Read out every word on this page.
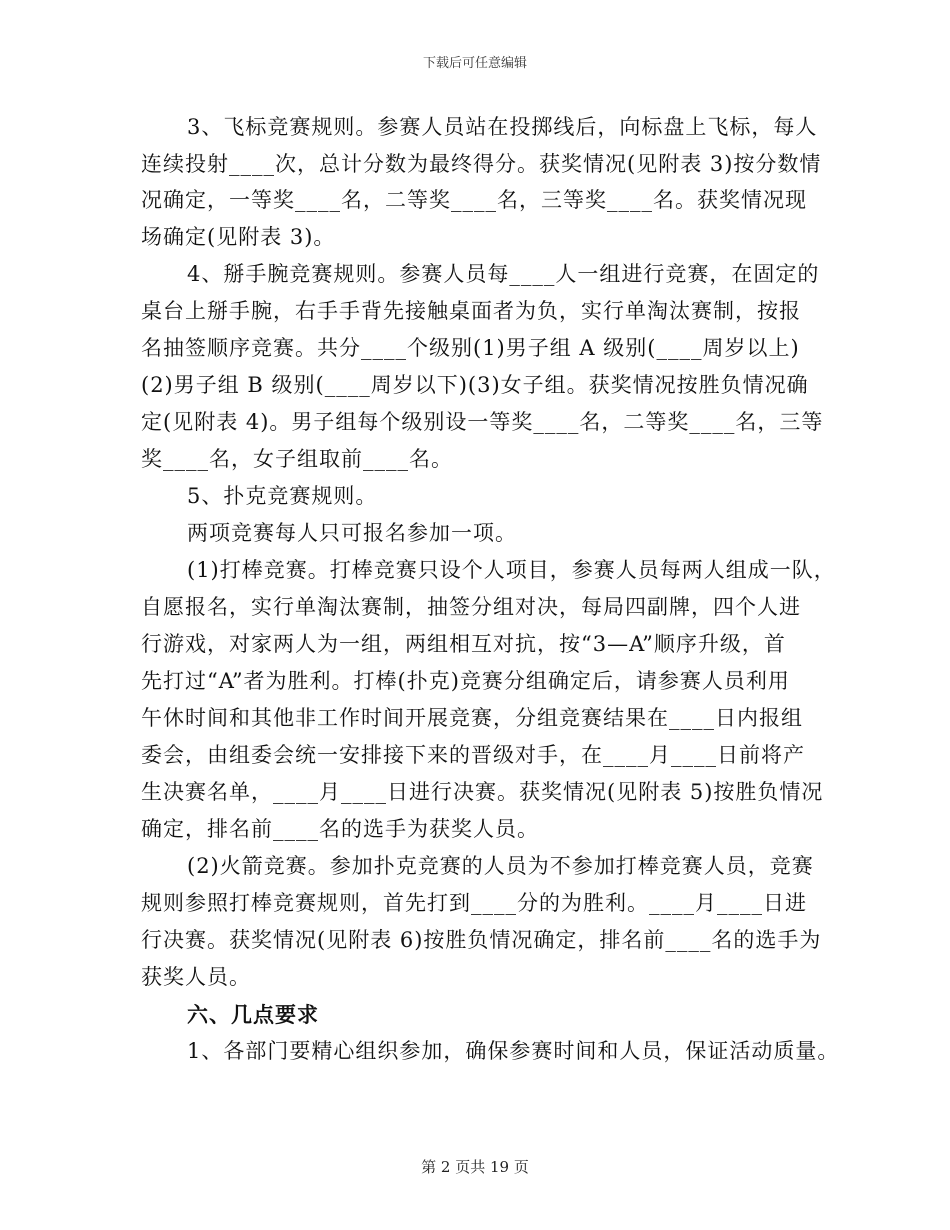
下载后可任意编辑
3、飞标竞赛规则。参赛人员站在投掷线后，向标盘上飞标，每人
连续投射____次，总计分数为最终得分。获奖情况(见附表 3)按分数情
况确定，一等奖____名，二等奖____名，三等奖____名。获奖情况现
场确定(见附表 3)。
4、掰手腕竞赛规则。参赛人员每____人一组进行竞赛，在固定的
桌台上掰手腕，右手手背先接触桌面者为负，实行单淘汰赛制，按报
名抽签顺序竞赛。共分____个级别(1)男子组 A 级别(____周岁以上)
(2)男子组 B 级别(____周岁以下)(3)女子组。获奖情况按胜负情况确
定(见附表 4)。男子组每个级别设一等奖____名，二等奖____名，三等
奖____名，女子组取前____名。
5、扑克竞赛规则。
两项竞赛每人只可报名参加一项。
(1)打棒竞赛。打棒竞赛只设个人项目，参赛人员每两人组成一队，
自愿报名，实行单淘汰赛制，抽签分组对决，每局四副牌，四个人进
行游戏，对家两人为一组，两组相互对抗，按“3—A”顺序升级，首
先打过“A”者为胜利。打棒(扑克)竞赛分组确定后，请参赛人员利用
午休时间和其他非工作时间开展竞赛，分组竞赛结果在____日内报组
委会，由组委会统一安排接下来的晋级对手，在____月____日前将产
生决赛名单，____月____日进行决赛。获奖情况(见附表 5)按胜负情况
确定，排名前____名的选手为获奖人员。
(2)火箭竞赛。参加扑克竞赛的人员为不参加打棒竞赛人员，竞赛
规则参照打棒竞赛规则，首先打到____分的为胜利。____月____日进
行决赛。获奖情况(见附表 6)按胜负情况确定，排名前____名的选手为
获奖人员。
六、几点要求
1、各部门要精心组织参加，确保参赛时间和人员，保证活动质量。
第 2 页共 19 页
